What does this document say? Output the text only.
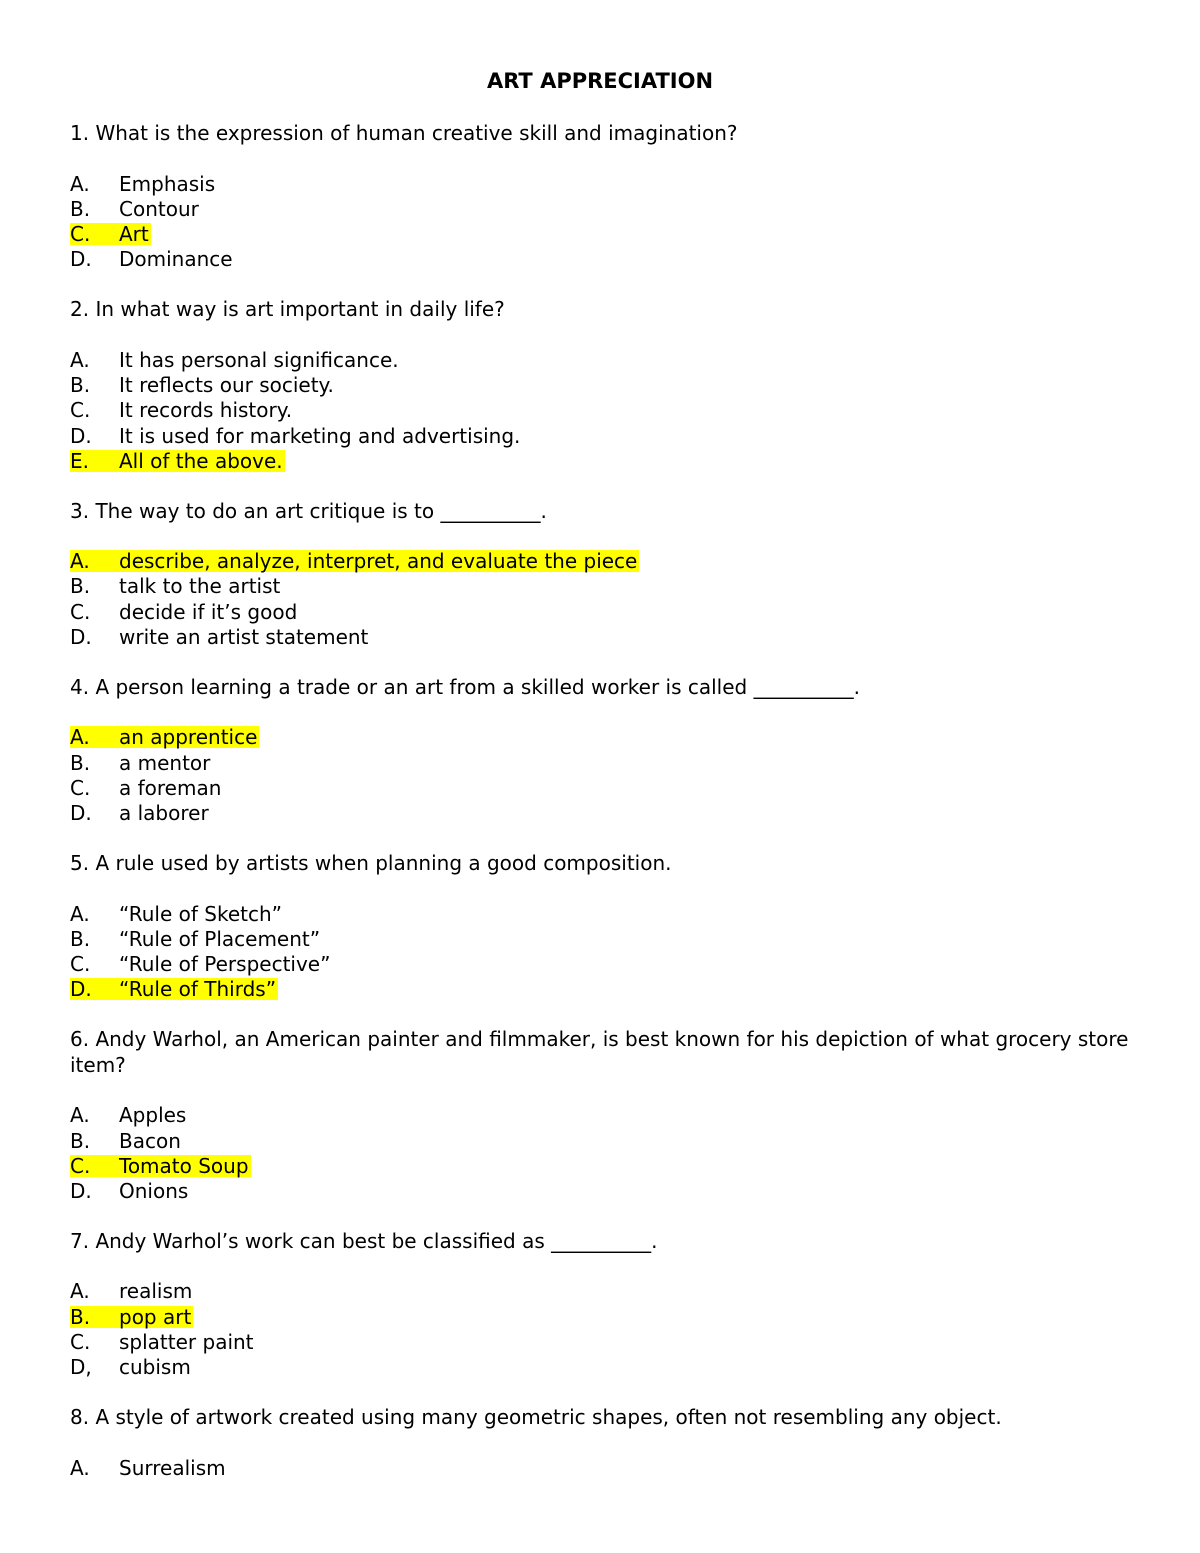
ART APPRECIATION

1. What is the expression of human creative skill and imagination?

A. Emphasis
B. Contour
C. Art
D. Dominance

2. In what way is art important in daily life?

A. It has personal significance.
B. It reflects our society.
C. It records history.
D. It is used for marketing and advertising.
E. All of the above.

3. The way to do an art critique is to __________.

A. describe, analyze, interpret, and evaluate the piece
B. talk to the artist
C. decide if it’s good
D. write an artist statement

4. A person learning a trade or an art from a skilled worker is called __________.

A. an apprentice
B. a mentor
C. a foreman
D. a laborer

5. A rule used by artists when planning a good composition.

A. “Rule of Sketch”
B. “Rule of Placement”
C. “Rule of Perspective”
D. “Rule of Thirds”

6. Andy Warhol, an American painter and filmmaker, is best known for his depiction of what grocery store item?

A. Apples
B. Bacon
C. Tomato Soup
D. Onions

7. Andy Warhol’s work can best be classified as __________.

A. realism
B. pop art
C. splatter paint
D, cubism

8. A style of artwork created using many geometric shapes, often not resembling any object.

A. Surrealism
